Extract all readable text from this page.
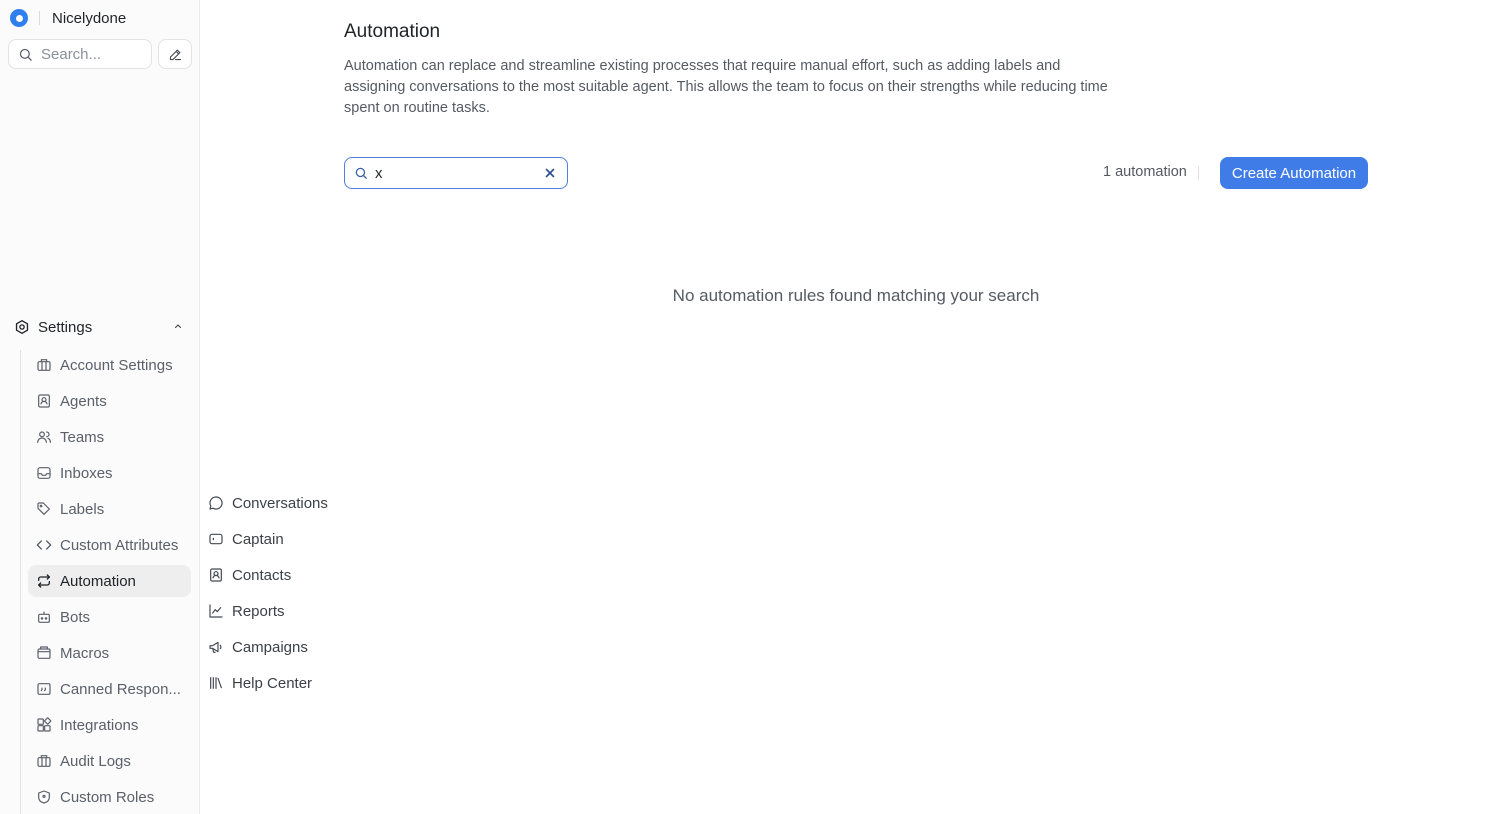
Nicelydone
Search...
Conversations
Captain
Contacts
Reports
Campaigns
Help Center
Settings
Account Settings
Agents
Teams
Inboxes
Labels
Custom Attributes
Automation
Bots
Macros
Canned Respon...
Integrations
Audit Logs
Custom Roles
Automation

Automation can replace and streamline existing processes that require manual effort, such as adding labels and assigning conversations to the most suitable agent. This allows the team to focus on their strengths while reducing time spent on routine tasks.

x
1 automation	Create Automation

No automation rules found matching your search
